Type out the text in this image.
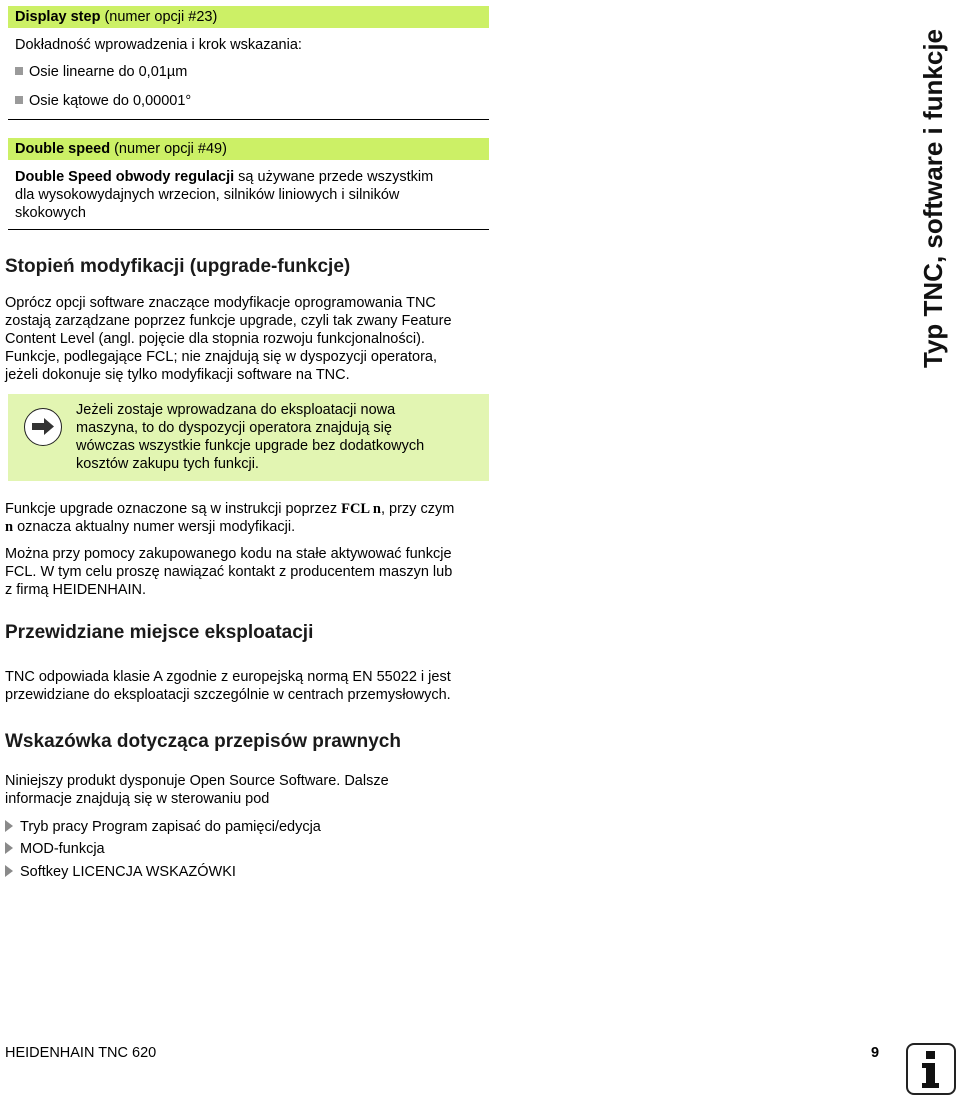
Display step (numer opcji #23)

Dokładność wprowadzenia i krok wskazania:

Osie linearne do 0,01µm
Osie kątowe do 0,00001°
Double speed (numer opcji #49)
Double Speed obwody regulacji są używane przede wszystkim
dla wysokowydajnych wrzecion, silników liniowych i silników
skokowych
Stopień modyfikacji (upgrade-funkcje)
Oprócz opcji software znaczące modyfikacje oprogramowania TNC
zostają zarządzane poprzez funkcje upgrade, czyli tak zwany Feature
Content Level (angl. pojęcie dla stopnia rozwoju funkcjonalności).
Funkcje, podlegające FCL; nie znajdują się w dyspozycji operatora,
jeżeli dokonuje się tylko modyfikacji software na TNC.
Jeżeli zostaje wprowadzana do eksploatacji nowa
maszyna, to do dyspozycji operatora znajdują się
wówczas wszystkie funkcje upgrade bez dodatkowych
kosztów zakupu tych funkcji.
Funkcje upgrade oznaczone są w instrukcji poprzez FCL n, przy czym
n oznacza aktualny numer wersji modyfikacji.
Można przy pomocy zakupowanego kodu na stałe aktywować funkcje
FCL. W tym celu proszę nawiązać kontakt z producentem maszyn lub
z firmą HEIDENHAIN.
Przewidziane miejsce eksploatacji
TNC odpowiada klasie A zgodnie z europejską normą EN 55022 i jest
przewidziane do eksploatacji szczególnie w centrach przemysłowych.
Wskazówka dotycząca przepisów prawnych
Niniejszy produkt dysponuje Open Source Software. Dalsze
informacje znajdują się w sterowaniu pod
Tryb pracy Program zapisać do pamięci/edycja
MOD-funkcja
Softkey LICENCJA WSKAZÓWKI
Typ TNC, software i funkcje
HEIDENHAIN TNC 620	9
